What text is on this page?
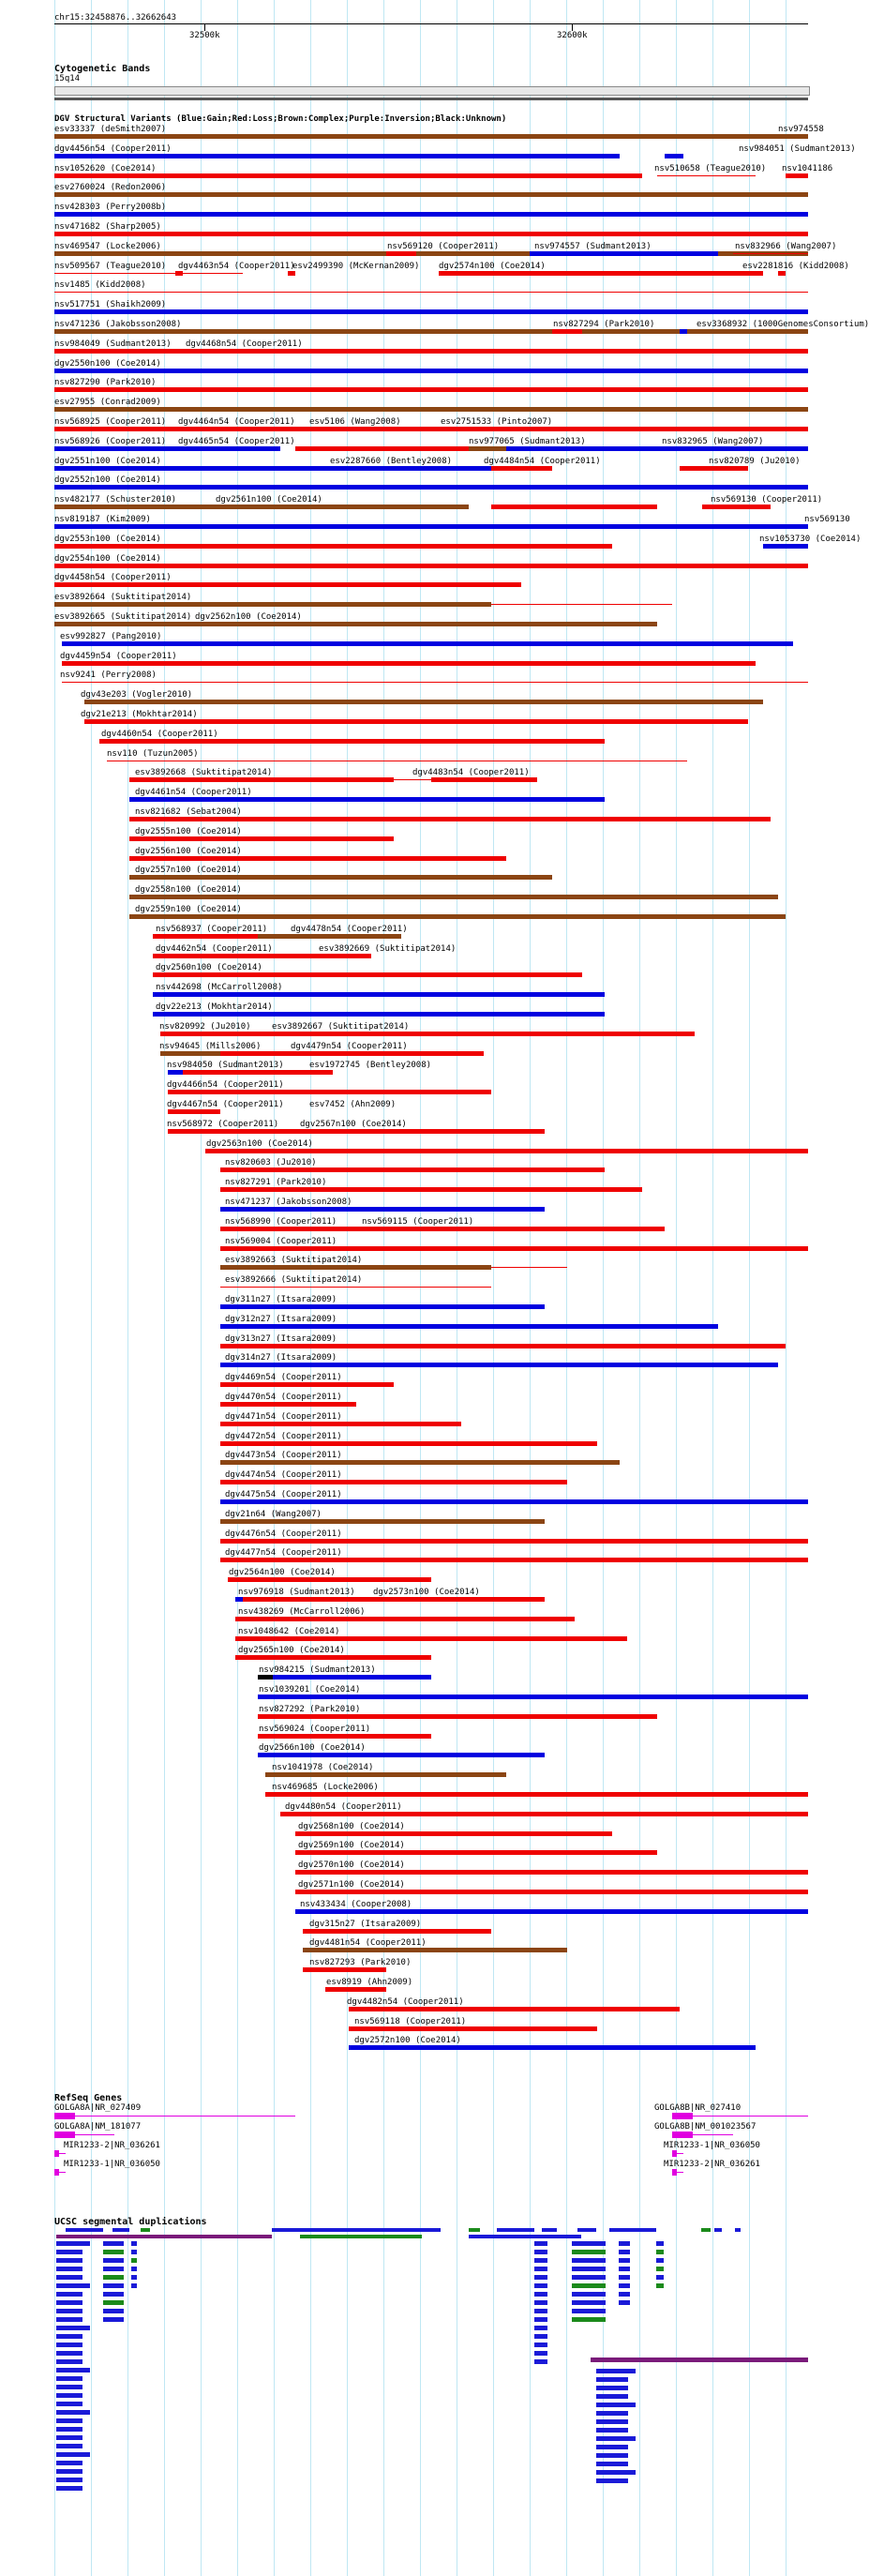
chr15:32458876..32662643
32500k	32600k
Cytogenetic Bands
15q14
DGV Structural Variants (Blue:Gain;Red:Loss;Brown:Complex;Purple:Inversion;Black:Unknown)
esv33337 (deSmith2007)	nsv974558
dgv4456n54 (Cooper2011)	nsv984051 (Sudmant2013)
nsv1052620 (Coe2014)	nsv510658 (Teague2010) nsv1041186
esv2760024 (Redon2006)
nsv428303 (Perry2008b)
nsv471682 (Sharp2005)
nsv469547 (Locke2006)	nsv569120 (Cooper2011)	nsv974557 (Sudmant2013)	nsv832966 (Wang2007)
nsv509567 (Teague2010) dgv4463n54 (Cooper2011)
esv2499390 (McKernan2009) dgv2574n100 (Coe2014)	esv2281816 (Kidd2008)
nsv1485 (Kidd2008)
nsv517751 (Shaikh2009)
nsv471236 (Jakobsson2008)	nsv827294 (Park2010)	esv3368932 (1000GenomesConsortium)
nsv984049 (Sudmant2013) dgv4468n54 (Cooper2011)
dgv2550n100 (Coe2014)
nsv827290 (Park2010)
esv27955 (Conrad2009)
nsv568925 (Cooper2011) dgv4464n54 (Cooper2011) esv5106 (Wang2008)	esv2751533 (Pinto2007)
nsv568926 (Cooper2011) dgv4465n54 (Cooper2011)	nsv977065 (Sudmant2013)	nsv832965 (Wang2007)
dgv2551n100 (Coe2014)	esv2287660 (Bentley2008)	dgv4484n54 (Cooper2011)	nsv820789 (Ju2010)
dgv2552n100 (Coe2014)
nsv482177 (Schuster2010)	dgv2561n100 (Coe2014)	nsv569130 (Cooper2011)
nsv819187 (Kim2009)	nsv569130
dgv2553n100 (Coe2014)	nsv1053730 (Coe2014)
dgv2554n100 (Coe2014)
dgv4458n54 (Cooper2011)
esv3892664 (Suktitipat2014)
esv3892665 (Suktitipat2014) dgv2562n100 (Coe2014)
esv992827 (Pang2010)
dgv4459n54 (Cooper2011)
nsv9241 (Perry2008)
dgv43e203 (Vogler2010)
dgv21e213 (Mokhtar2014)
dgv4460n54 (Cooper2011)
nsv110 (Tuzun2005)
esv3892668 (Suktitipat2014)	dgv4483n54 (Cooper2011)
dgv4461n54 (Cooper2011)
nsv821682 (Sebat2004)
dgv2555n100 (Coe2014)
dgv2556n100 (Coe2014)
dgv2557n100 (Coe2014)
dgv2558n100 (Coe2014)
dgv2559n100 (Coe2014)
nsv568937 (Cooper2011)	dgv4478n54 (Cooper2011)
dgv4462n54 (Cooper2011)	esv3892669 (Suktitipat2014)
dgv2560n100 (Coe2014)
nsv442698 (McCarroll2008)
dgv22e213 (Mokhtar2014)
nsv820992 (Ju2010) esv3892667 (Suktitipat2014)
nsv94645 (Mills2006)	dgv4479n54 (Cooper2011)
nsv984050 (Sudmant2013)	esv1972745 (Bentley2008)
dgv4466n54 (Cooper2011)
dgv4467n54 (Cooper2011)	esv7452 (Ahn2009)
nsv568972 (Cooper2011)	dgv2567n100 (Coe2014)
dgv2563n100 (Coe2014)
nsv820603 (Ju2010)
nsv827291 (Park2010)
nsv471237 (Jakobsson2008)
nsv568990 (Cooper2011)	nsv569115 (Cooper2011)
nsv569004 (Cooper2011)
esv3892663 (Suktitipat2014)
esv3892666 (Suktitipat2014)
dgv311n27 (Itsara2009)
dgv312n27 (Itsara2009)
dgv313n27 (Itsara2009)
dgv314n27 (Itsara2009)
dgv4469n54 (Cooper2011)
dgv4470n54 (Cooper2011)
dgv4471n54 (Cooper2011)
dgv4472n54 (Cooper2011)
dgv4473n54 (Cooper2011)
dgv4474n54 (Cooper2011)
dgv4475n54 (Cooper2011)
dgv21n64 (Wang2007)
dgv4476n54 (Cooper2011)
dgv4477n54 (Cooper2011)
dgv2564n100 (Coe2014)
nsv976918 (Sudmant2013) dgv2573n100 (Coe2014)
nsv438269 (McCarroll2006)
nsv1048642 (Coe2014)
dgv2565n100 (Coe2014)
nsv984215 (Sudmant2013)
nsv1039201 (Coe2014)
nsv827292 (Park2010)
nsv569024 (Cooper2011)
dgv2566n100 (Coe2014)
nsv1041978 (Coe2014)
nsv469685 (Locke2006)
dgv4480n54 (Cooper2011)
dgv2568n100 (Coe2014)
dgv2569n100 (Coe2014)
dgv2570n100 (Coe2014)
dgv2571n100 (Coe2014)
nsv433434 (Cooper2008)
dgv315n27 (Itsara2009)
dgv4481n54 (Cooper2011)
nsv827293 (Park2010)
esv8919 (Ahn2009)
dgv4482n54 (Cooper2011)
nsv569118 (Cooper2011)
dgv2572n100 (Coe2014)
RefSeq Genes
GOLGA8A|NR_027409
GOLGA8A|NM_181077
MIR1233-2|NR_036261
MIR1233-1|NR_036050
GOLGA8B|NR_027410
GOLGA8B|NM_001023567
MIR1233-1|NR_036050
MIR1233-2|NR_036261
UCSC segmental duplications
